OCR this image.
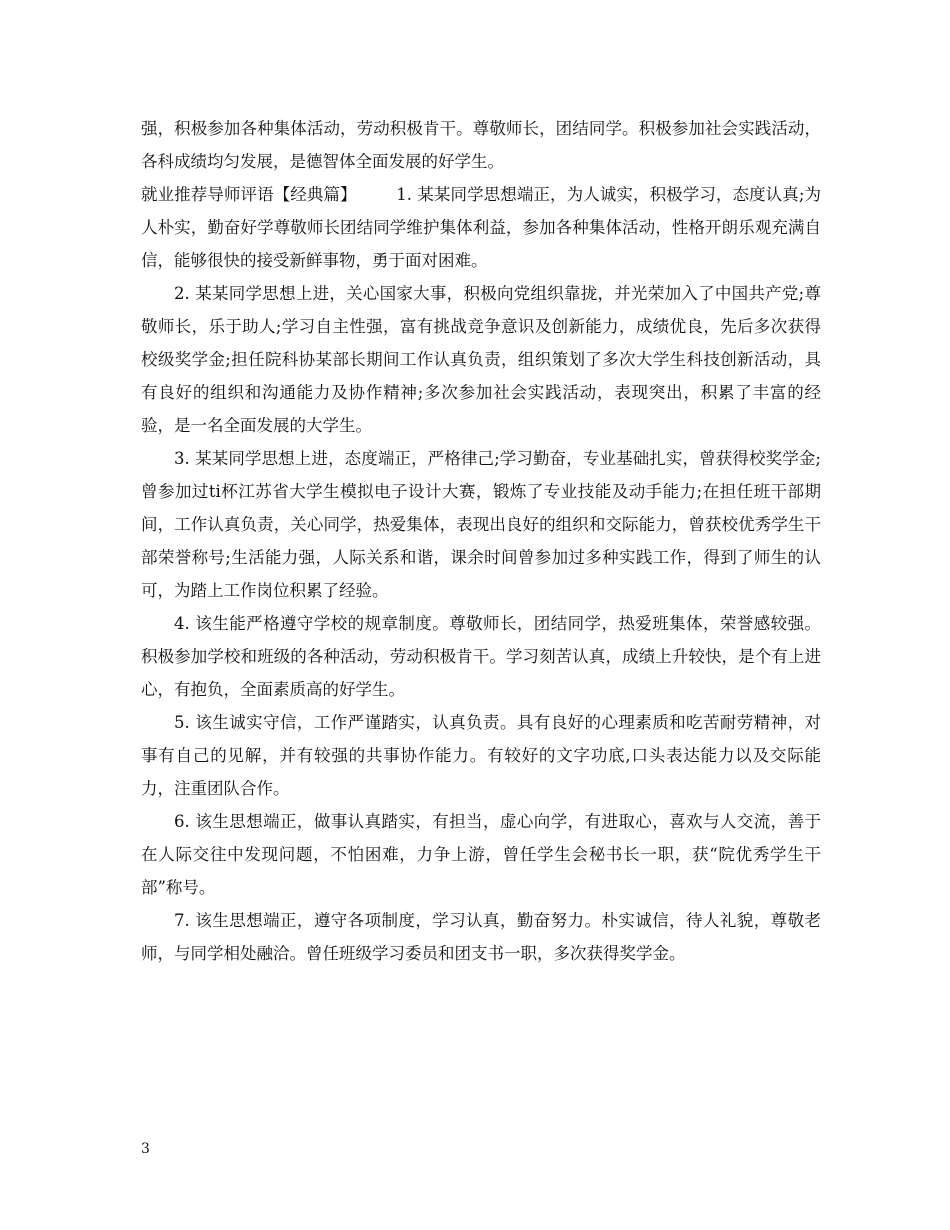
强，积极参加各种集体活动，劳动积极肯干。尊敬师长，团结同学。积极参加社会实践活动，各科成绩均匀发展，是德智体全面发展的好学生。

就业推荐导师评语【经典篇】 1. 某某同学思想端正，为人诚实，积极学习，态度认真;为人朴实，勤奋好学尊敬师长团结同学维护集体利益，参加各种集体活动，性格开朗乐观充满自信，能够很快的接受新鲜事物，勇于面对困难。

2. 某某同学思想上进，关心国家大事，积极向党组织靠拢，并光荣加入了中国共产党;尊敬师长，乐于助人;学习自主性强，富有挑战竞争意识及创新能力，成绩优良，先后多次获得校级奖学金;担任院科协某部长期间工作认真负责，组织策划了多次大学生科技创新活动，具有良好的组织和沟通能力及协作精神;多次参加社会实践活动，表现突出，积累了丰富的经验，是一名全面发展的大学生。

3. 某某同学思想上进，态度端正，严格律己;学习勤奋，专业基础扎实，曾获得校奖学金;曾参加过ti杯江苏省大学生模拟电子设计大赛，锻炼了专业技能及动手能力;在担任班干部期间，工作认真负责，关心同学，热爱集体，表现出良好的组织和交际能力，曾获校优秀学生干部荣誉称号;生活能力强，人际关系和谐，课余时间曾参加过多种实践工作，得到了师生的认可，为踏上工作岗位积累了经验。

4. 该生能严格遵守学校的规章制度。尊敬师长，团结同学，热爱班集体，荣誉感较强。积极参加学校和班级的各种活动，劳动积极肯干。学习刻苦认真，成绩上升较快，是个有上进心，有抱负，全面素质高的好学生。

5. 该生诚实守信，工作严谨踏实，认真负责。具有良好的心理素质和吃苦耐劳精神，对事有自己的见解，并有较强的共事协作能力。有较好的文字功底,口头表达能力以及交际能力，注重团队合作。

6. 该生思想端正，做事认真踏实，有担当，虚心向学，有进取心，喜欢与人交流，善于在人际交往中发现问题，不怕困难，力争上游，曾任学生会秘书长一职，获“院优秀学生干部”称号。

7. 该生思想端正，遵守各项制度，学习认真，勤奋努力。朴实诚信，待人礼貌，尊敬老师，与同学相处融洽。曾任班级学习委员和团支书一职，多次获得奖学金。

3
